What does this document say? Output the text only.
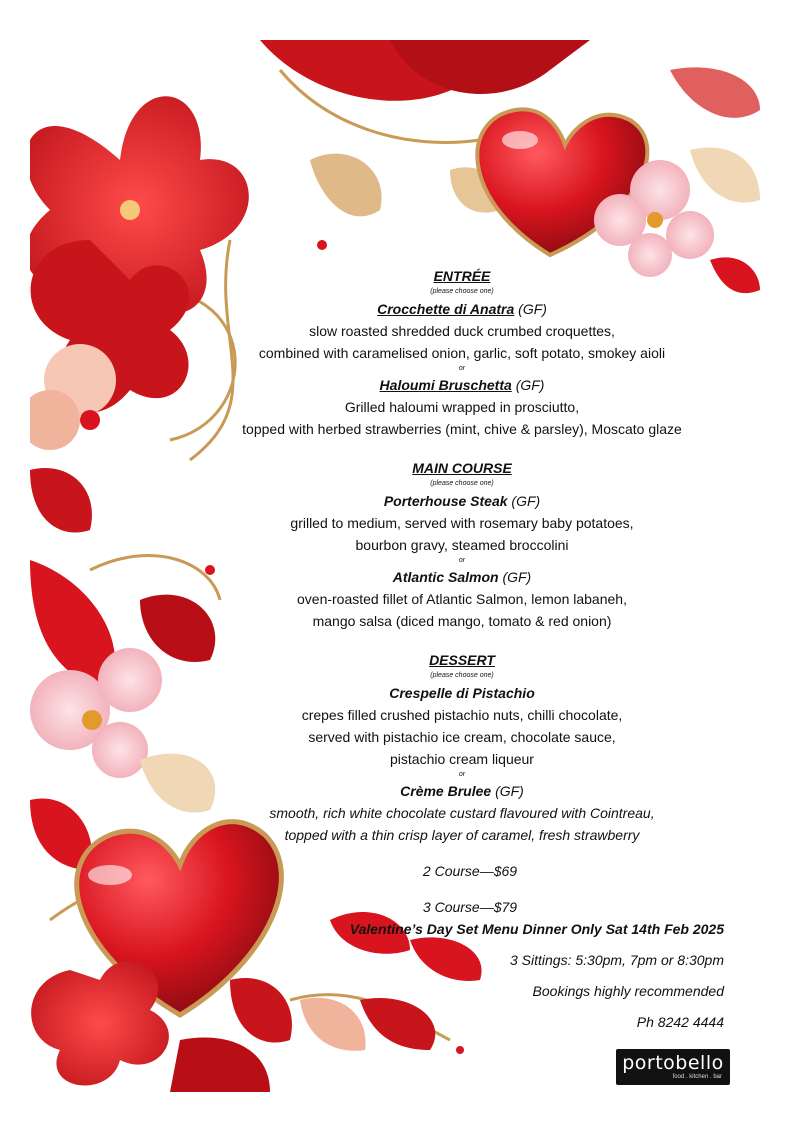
ENTRÉE

(please choose one)

Crocchette di Anatra (GF)

slow roasted shredded duck crumbed croquettes,

combined with caramelised onion, garlic, soft potato, smokey aioli

or

Haloumi Bruschetta (GF)

Grilled haloumi wrapped in prosciutto,

topped with herbed strawberries (mint, chive & parsley), Moscato glaze

MAIN COURSE

(please choose one)

Porterhouse Steak (GF)

grilled to medium, served with rosemary baby potatoes,

bourbon gravy, steamed broccolini

or

Atlantic Salmon (GF)

oven-roasted fillet of Atlantic Salmon, lemon labaneh,

mango salsa (diced mango, tomato & red onion)

DESSERT

(please choose one)

Crespelle di Pistachio

crepes filled crushed pistachio nuts, chilli chocolate,

served with pistachio ice cream, chocolate sauce,

pistachio cream liqueur

or

Crème Brulee (GF)

smooth, rich white chocolate custard flavoured with Cointreau,

topped with a thin crisp layer of caramel, fresh strawberry

2 Course—$69

3 Course—$79

Valentine’s Day Set Menu Dinner Only Sat 14th Feb 2025

3 Sittings: 5:30pm, 7pm or 8:30pm

Bookings highly recommended

Ph 8242 4444

portobello
food . kitchen . bar
